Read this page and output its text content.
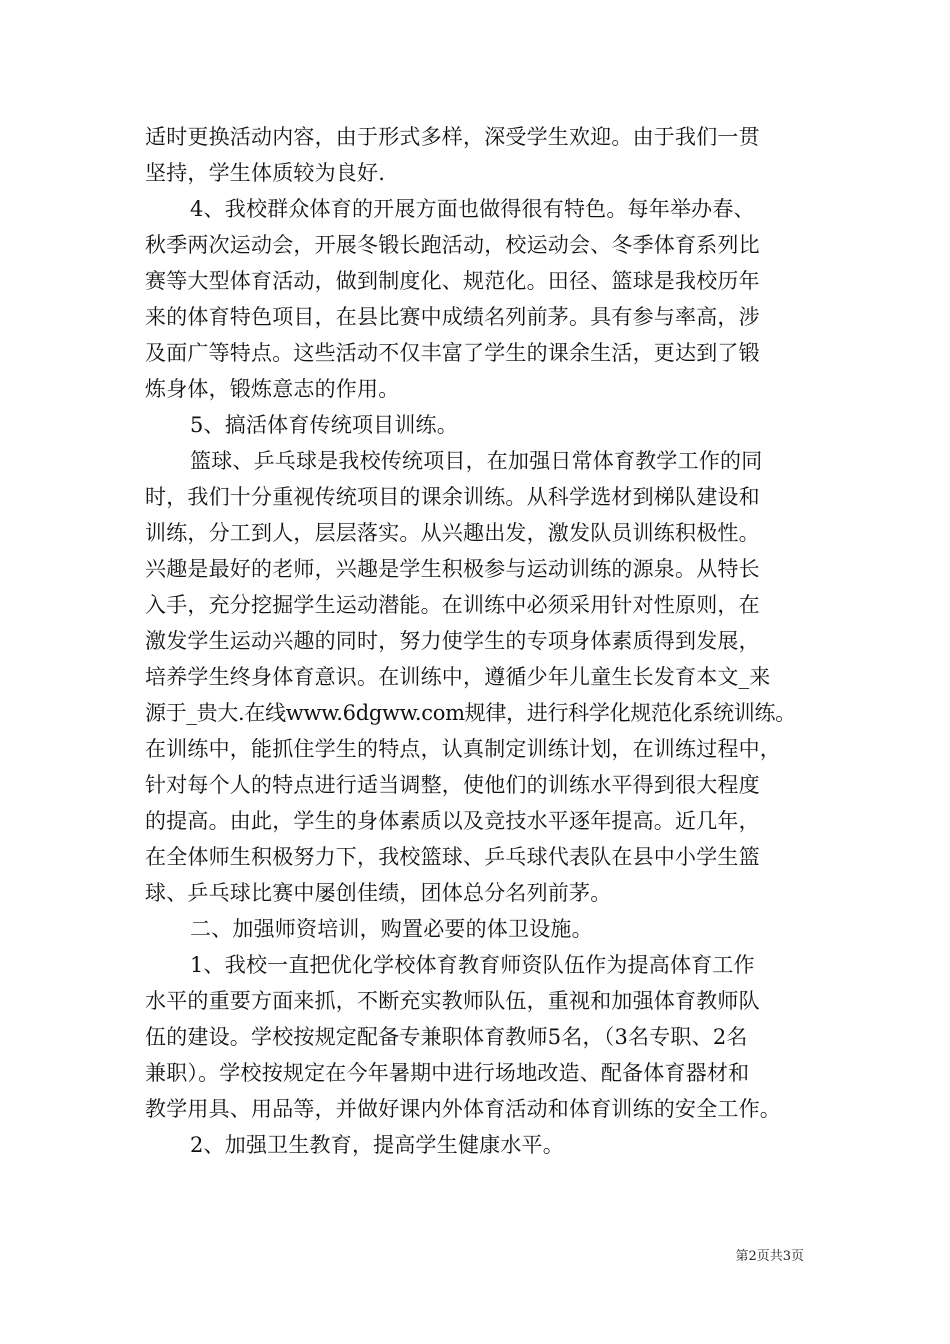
适时更换活动内容，由于形式多样，深受学生欢迎。由于我们一贯
坚持，学生体质较为良好.
4、我校群众体育的开展方面也做得很有特色。每年举办春、
秋季两次运动会，开展冬锻长跑活动，校运动会、冬季体育系列比
赛等大型体育活动，做到制度化、规范化。田径、篮球是我校历年
来的体育特色项目，在县比赛中成绩名列前茅。具有参与率高，涉
及面广等特点。这些活动不仅丰富了学生的课余生活，更达到了锻
炼身体，锻炼意志的作用。
5、搞活体育传统项目训练。
篮球、乒乓球是我校传统项目，在加强日常体育教学工作的同
时，我们十分重视传统项目的课余训练。从科学选材到梯队建设和
训练，分工到人，层层落实。从兴趣出发，激发队员训练积极性。
兴趣是最好的老师，兴趣是学生积极参与运动训练的源泉。从特长
入手，充分挖掘学生运动潜能。在训练中必须采用针对性原则，在
激发学生运动兴趣的同时，努力使学生的专项身体素质得到发展，
培养学生终身体育意识。在训练中，遵循少年儿童生长发育本文_来
源于_贵大.在线www.6dgww.com规律，进行科学化规范化系统训练。
在训练中，能抓住学生的特点，认真制定训练计划，在训练过程中，
针对每个人的特点进行适当调整，使他们的训练水平得到很大程度
的提高。由此，学生的身体素质以及竞技水平逐年提高。近几年，
在全体师生积极努力下，我校篮球、乒乓球代表队在县中小学生篮
球、乒乓球比赛中屡创佳绩，团体总分名列前茅。
二、加强师资培训，购置必要的体卫设施。
1、我校一直把优化学校体育教育师资队伍作为提高体育工作
水平的重要方面来抓，不断充实教师队伍，重视和加强体育教师队
伍的建设。学校按规定配备专兼职体育教师5名，（3名专职、2名
兼职）。学校按规定在今年暑期中进行场地改造、配备体育器材和
教学用具、用品等，并做好课内外体育活动和体育训练的安全工作。
2、加强卫生教育，提高学生健康水平。
第2页共3页
